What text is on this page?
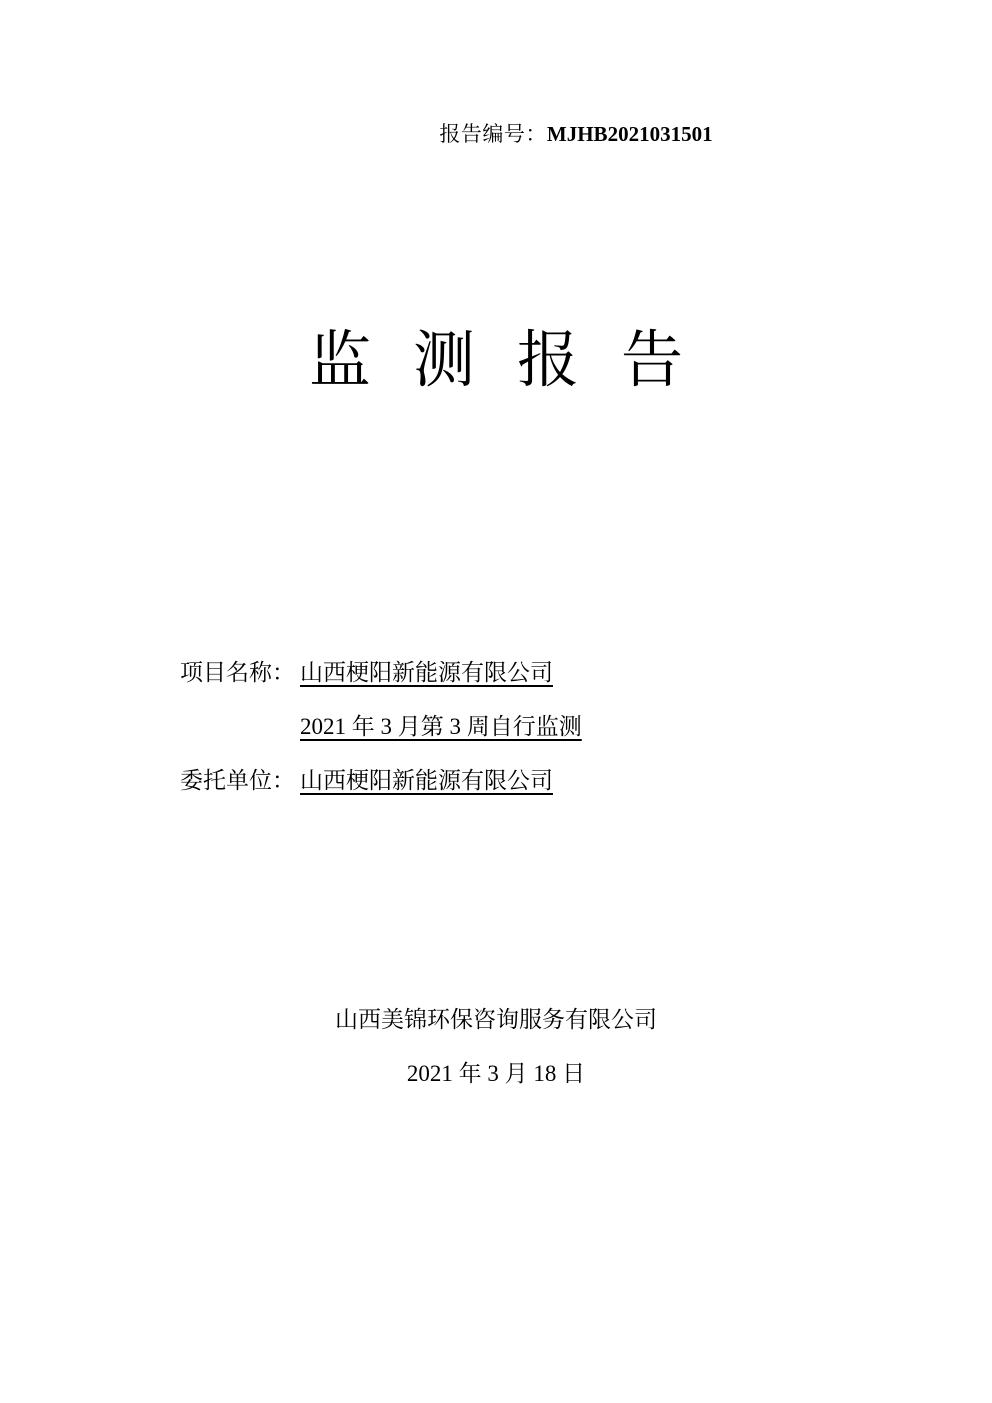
报告编号：MJHB2021031501
监测报告
项目名称： 山西梗阳新能源有限公司
2021 年 3 月第 3 周自行监测
委托单位： 山西梗阳新能源有限公司
山西美锦环保咨询服务有限公司
2021 年 3 月 18 日
